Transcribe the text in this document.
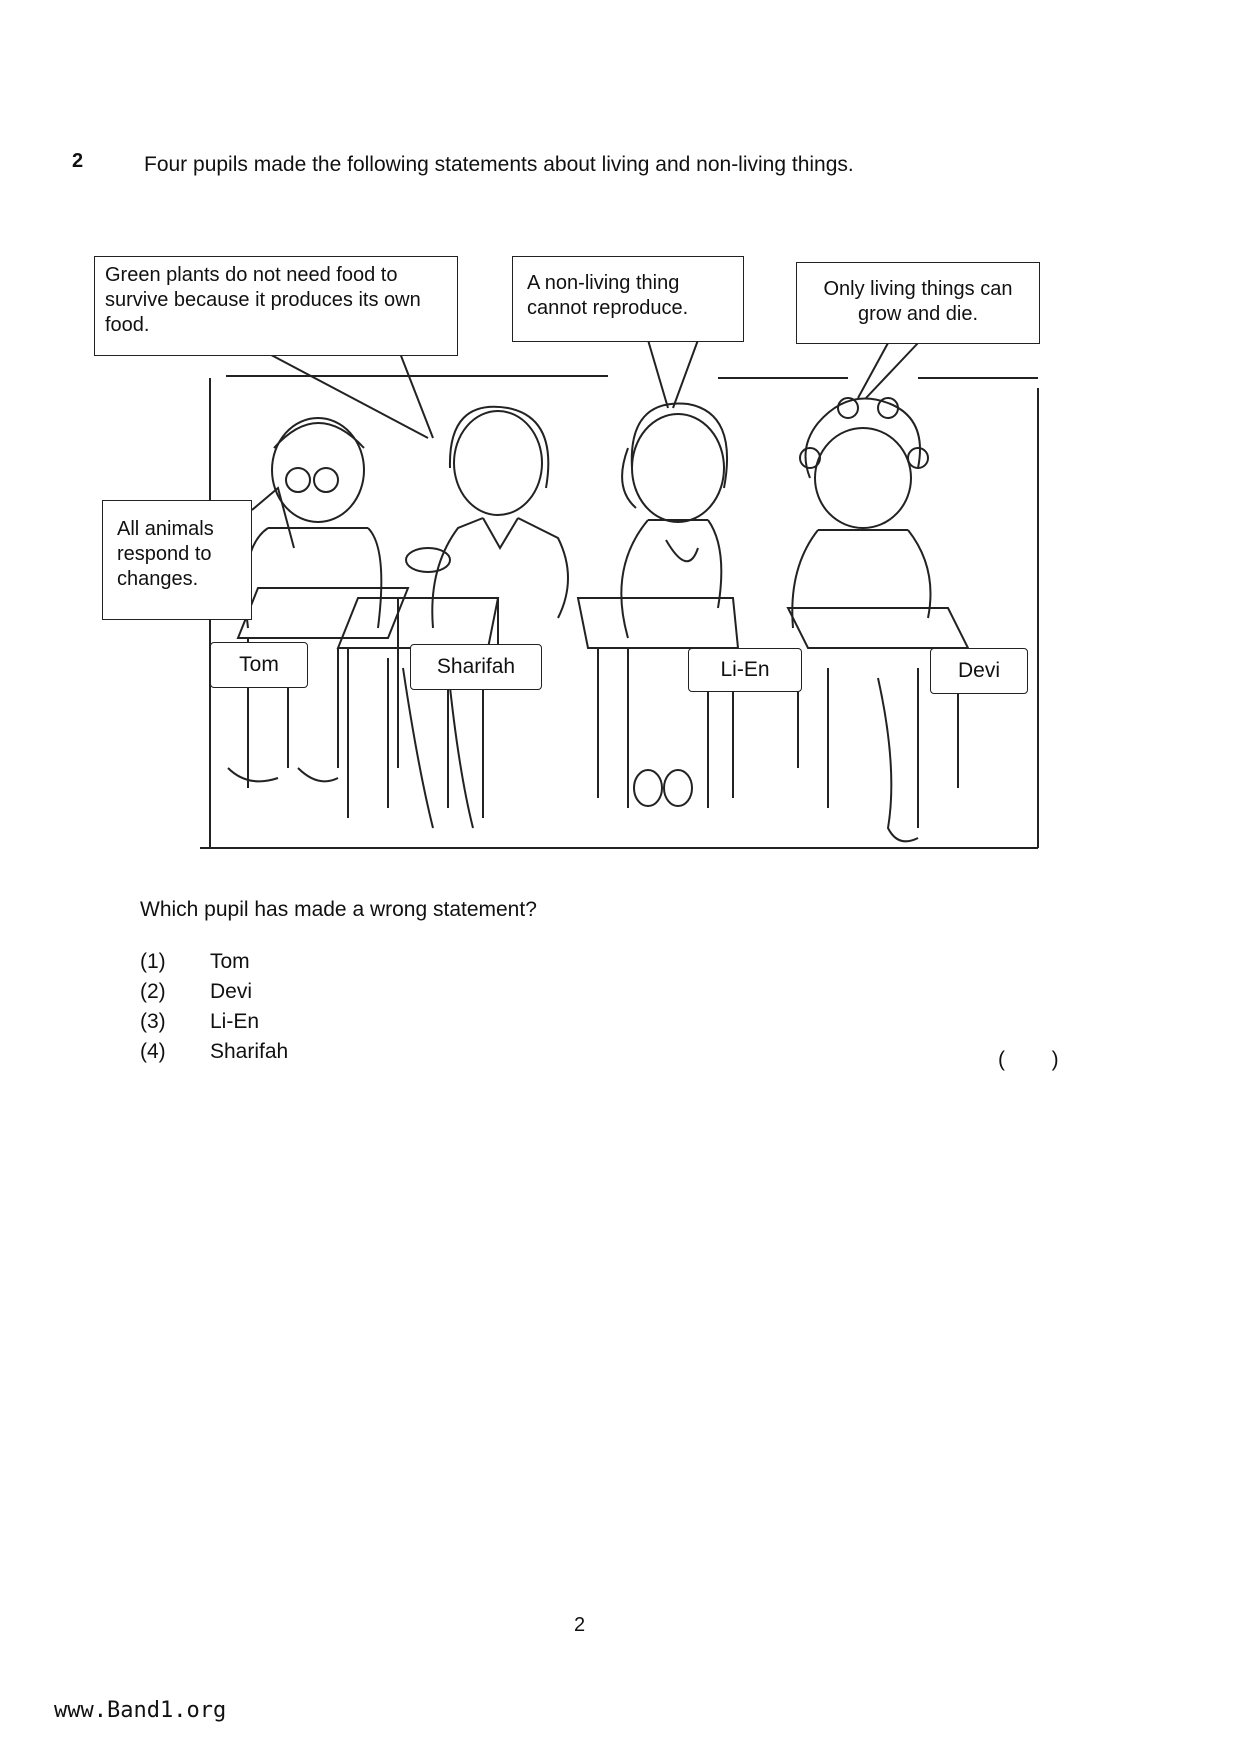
2	Four pupils made the following statements about living and non-living things.
Green plants do not need food to survive because it produces its own food.
A non-living thing cannot reproduce.
Only living things can grow and die.
All animals respond to changes.
Tom	Sharifah	Li-En	Devi
Which pupil has made a wrong statement?
(1) Tom
(2) Devi
(3) Li-En
(4) Sharifah	(        )
2
www.Band1.org
